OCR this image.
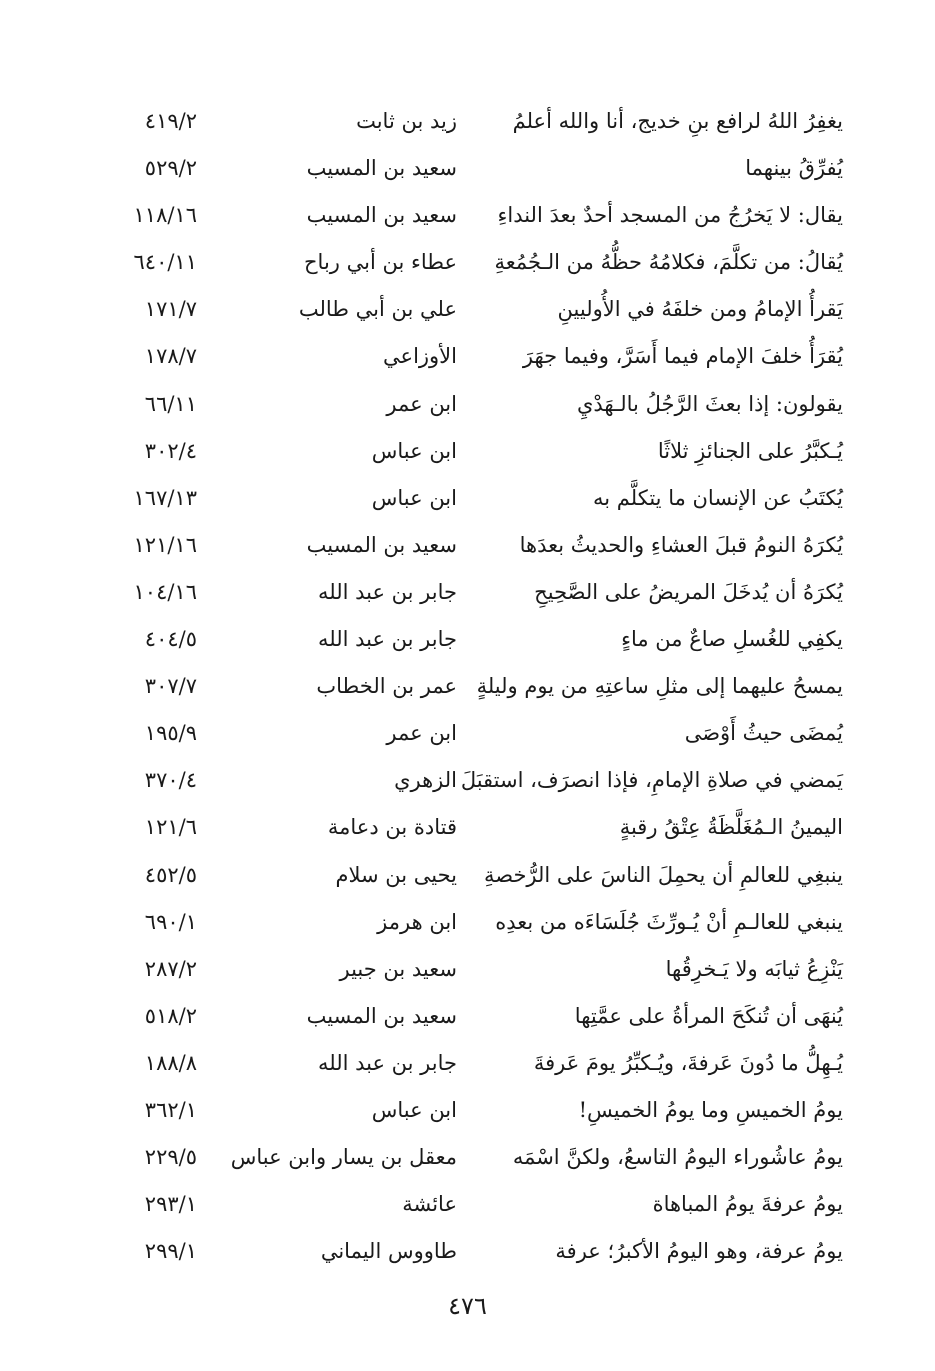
يغفِرُ اللهُ لرافع بنِ خديج، أنا والله أعلمُ
زيد بن ثابت
٤١٩/٢
يُفرِّقُ بينهما
سعيد بن المسيب
٥٢٩/٢
يقال: لا يَخرُجُ من المسجد أحدٌ بعدَ النداءِ
سعيد بن المسيب
١١٨/١٦
يُقالُ: من تكلَّمَ، فكلامُهُ حظُّهُ من الـجُمُعةِ
عطاء بن أبي رباح
٦٤٠/١١
يَقرأُ الإمامُ ومن خلفَهُ في الأُوليينِ
علي بن أبي طالب
١٧١/٧
يُقرَأُ خلفَ الإمام فيما أَسَرَّ، وفيما جهَرَ
الأوزاعي
١٧٨/٧
يقولون: إذا بعثَ الرَّجُلُ بالـهَدْيِ
ابن عمر
٦٦/١١
يُـكبَّرُ على الجنائزِ ثلاثًا
ابن عباس
٣٠٢/٤
يُكتَبُ عن الإنسان ما يتكلَّم به
ابن عباس
١٦٧/١٣
يُكرَهُ النومُ قبلَ العشاءِ والحديثُ بعدَها
سعيد بن المسيب
١٢١/١٦
يُكرَهُ أن يُدخَلَ المريضُ على الصَّحِيحِ
جابر بن عبد الله
١٠٤/١٦
يكفِي للغُسلِ صاعٌ من ماءٍ
جابر بن عبد الله
٤٠٤/٥
يمسحُ عليهما إلى مثلِ ساعتِهِ من يوم وليلةٍ
عمر بن الخطاب
٣٠٧/٧
يُمضَى حيثُ أَوْصَى
ابن عمر
١٩٥/٩
يَمضي في صلاةِ الإمامِ، فإذا انصرَف، استقبَلَ
الزهري
٣٧٠/٤
اليمينُ الـمُغَلَّظَةُ عِتْقُ رقبةٍ
قتادة بن دعامة
١٢١/٦
ينبغِي للعالمِ أن يحمِلَ الناسَ على الرُّخصةِ
يحيى بن سلام
٤٥٢/٥
ينبغي للعالـمِ أنْ يُـورِّثَ جُلَسَاءَه من بعدِه
ابن هرمز
٦٩٠/١
يَنْزِعُ ثيابَه ولا يَـخرِقُها
سعيد بن جبير
٢٨٧/٢
يُنهَى أن تُنكَحَ المرأةُ على عمَّتِها
سعيد بن المسيب
٥١٨/٢
يُـهِلُّ ما دُونَ عَرفةَ، ويُـكبِّرُ يومَ عَرفةَ
جابر بن عبد الله
١٨٨/٨
يومُ الخميسِ وما يومُ الخميسِ!
ابن عباس
٣٦٢/١
يومُ عاشُوراء اليومُ التاسعُ، ولكنَّ اسْمَه
معقل بن يسار وابن عباس
٢٢٩/٥
يومُ عرفةَ يومُ المباهاة
عائشة
٢٩٣/١
يومُ عرفة، وهو اليومُ الأكبرُ؛ عرفة
طاووس اليماني
٢٩٩/١
٤٧٦
